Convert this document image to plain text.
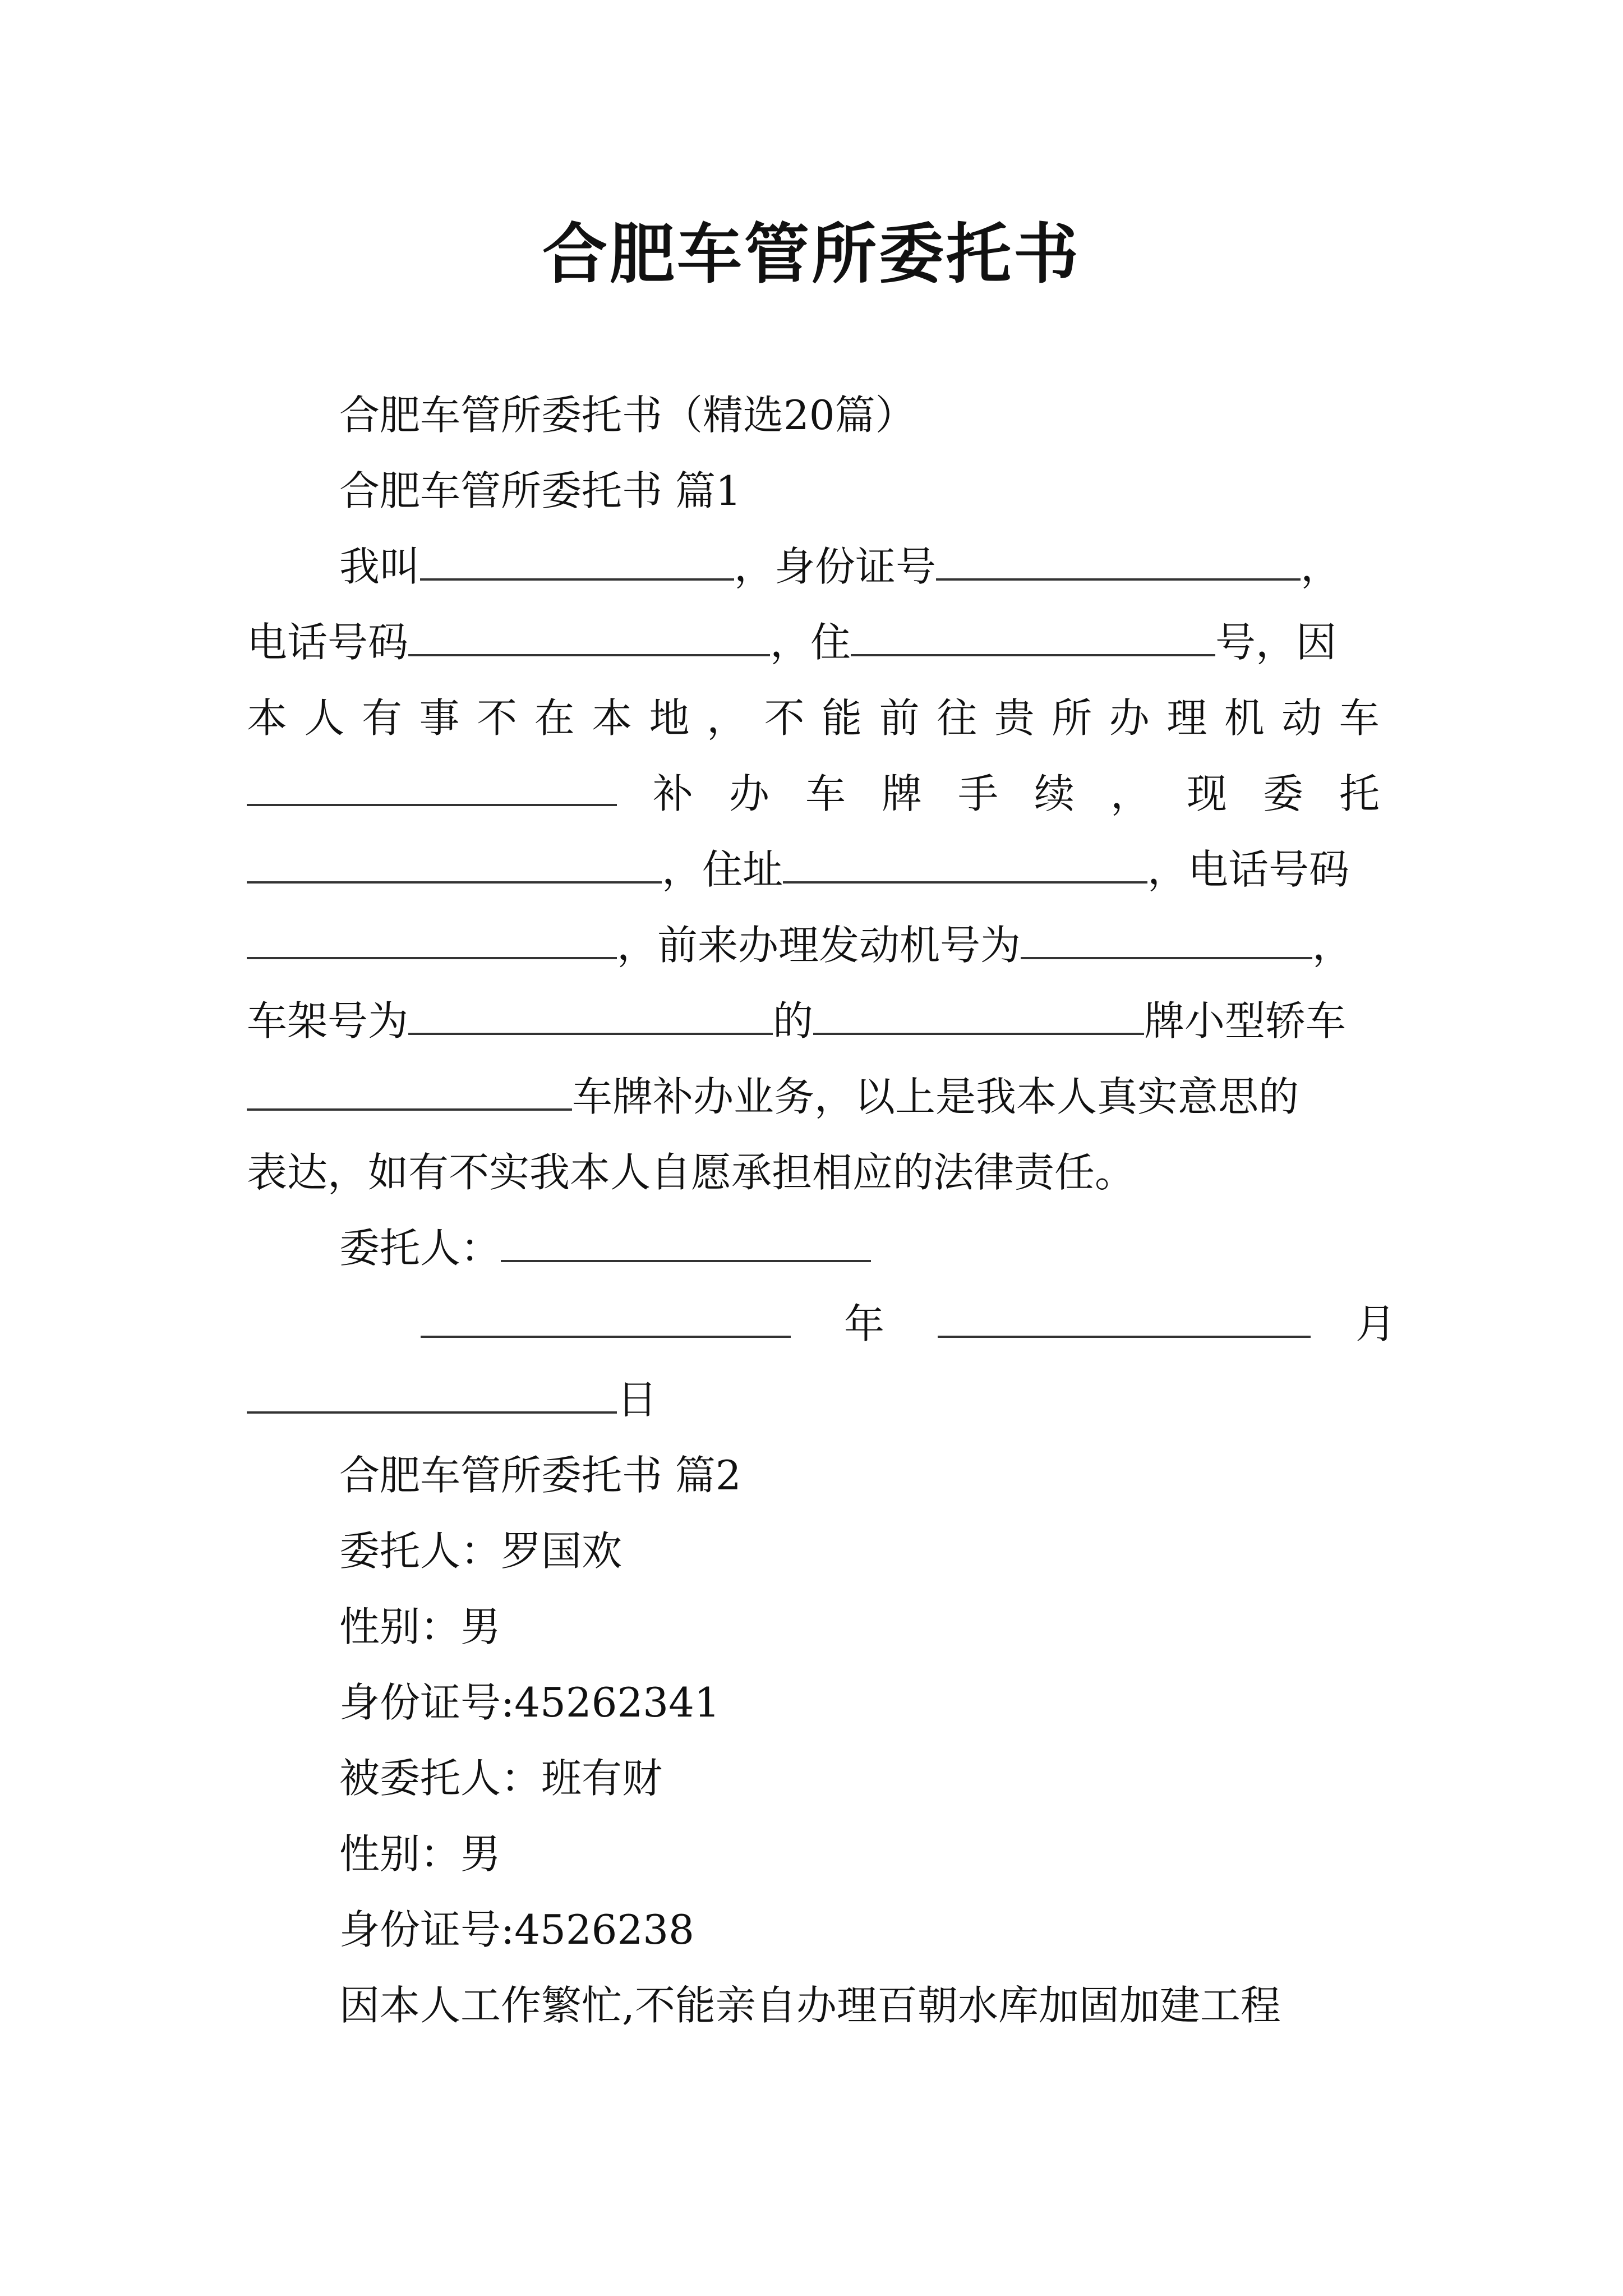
合肥车管所委托书
合肥车管所委托书（精选20篇）
合肥车管所委托书 篇1
我叫	，身份证号	，
电话号码	，住	号，因
本 人 有 事 不 在 本 地 ， 不 能 前 往 贵 所 办 理 机 动 车
补 办 车 牌 手 续 ， 现 委 托
，住址	，电话号码
，前来办理发动机号为	，
车架号为	的	牌小型轿车
车牌补办业务，以上是我本人真实意思的
表达，如有不实我本人自愿承担相应的法律责任。
委托人：
年	月
日
合肥车管所委托书 篇2
委托人：罗国欢
性别：男
身份证号:45262341
被委托人：班有财
性别：男
身份证号:4526238
因本人工作繁忙,不能亲自办理百朝水库加固加建工程
